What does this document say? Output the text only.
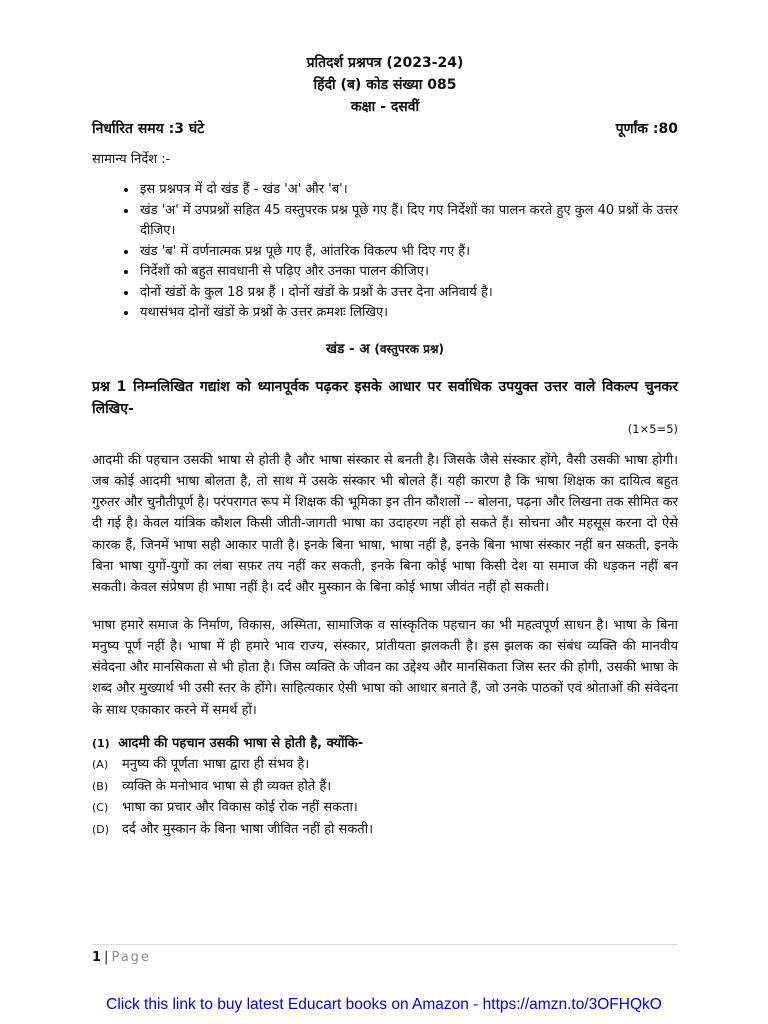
प्रतिदर्श प्रश्नपत्र (2023-24)
हिंदी (ब) कोड संख्या 085
कक्षा - दसवीं
निर्धारित समय :3 घंटे	पूर्णांक :80
सामान्य निर्देश :-
• इस प्रश्नपत्र में दो खंड हैं - खंड 'अ' और 'ब'।
• खंड 'अ' में उपप्रश्नों सहित 45 वस्तुपरक प्रश्न पूछे गए हैं। दिए गए निर्देशों का पालन करते हुए कुल 40 प्रश्नों के उत्तर दीजिए।
• खंड 'ब' में वर्णनात्मक प्रश्न पूछे गए हैं, आंतरिक विकल्प भी दिए गए हैं।
• निर्देशों को बहुत सावधानी से पढ़िए और उनका पालन कीजिए।
• दोनों खंडों के कुल 18 प्रश्न हैं । दोनों खंडों के प्रश्नों के उत्तर देना अनिवार्य है।
• यथासंभव दोनों खंडों के प्रश्नों के उत्तर क्रमशः लिखिए।
खंड - अ (वस्तुपरक प्रश्न)
प्रश्न 1 निम्नलिखित गद्यांश को ध्यानपूर्वक पढ़कर इसके आधार पर सर्वाधिक उपयुक्त उत्तर वाले विकल्प चुनकर लिखिए-
(1×5=5)
आदमी की पहचान उसकी भाषा से होती है और भाषा संस्कार से बनती है। जिसके जैसे संस्कार होंगे, वैसी उसकी भाषा होगी। जब कोई आदमी भाषा बोलता है, तो साथ में उसके संस्कार भी बोलते हैं। यही कारण है कि भाषा शिक्षक का दायित्व बहुत गुरुतर और चुनौतीपूर्ण है। परंपरागत रूप में शिक्षक की भूमिका इन तीन कौशलों -- बोलना, पढ़ना और लिखना तक सीमित कर दी गई है। केवल यांत्रिक कौशल किसी जीती-जागती भाषा का उदाहरण नहीं हो सकते हैं। सोचना और महसूस करना दो ऐसे कारक हैं, जिनमें भाषा सही आकार पाती है। इनके बिना भाषा, भाषा नहीं है, इनके बिना भाषा संस्कार नहीं बन सकती, इनके बिना भाषा युगों-युगों का लंबा सफ़र तय नहीं कर सकती, इनके बिना कोई भाषा किसी देश या समाज की धड़कन नहीं बन सकती। केवल संप्रेषण ही भाषा नहीं है। दर्द और मुस्कान के बिना कोई भाषा जीवंत नहीं हो सकती।
भाषा हमारे समाज के निर्माण, विकास, अस्मिता, सामाजिक व सांस्कृतिक पहचान का भी महत्वपूर्ण साधन है। भाषा के बिना मनुष्य पूर्ण नहीं है। भाषा में ही हमारे भाव राज्य, संस्कार, प्रांतीयता झलकती है। इस झलक का संबंध व्यक्ति की मानवीय संवेदना और मानसिकता से भी होता है। जिस व्यक्ति के जीवन का उद्देश्य और मानसिकता जिस स्तर की होगी, उसकी भाषा के शब्द और मुख्यार्थ भी उसी स्तर के होंगे। साहित्यकार ऐसी भाषा को आधार बनाते हैं, जो उनके पाठकों एवं श्रोताओं की संवेदना के साथ एकाकार करने में समर्थ हों।
(1) आदमी की पहचान उसकी भाषा से होती है, क्योंकि-
(A) मनुष्य की पूर्णता भाषा द्वारा ही संभव है।
(B) व्यक्ति के मनोभाव भाषा से ही व्यक्त होते हैं।
(C) भाषा का प्रचार और विकास कोई रोक नहीं सकता।
(D) दर्द और मुस्कान के बिना भाषा जीवित नहीं हो सकती।
1 | Page
Click this link to buy latest Educart books on Amazon - https://amzn.to/3OFHQkO
